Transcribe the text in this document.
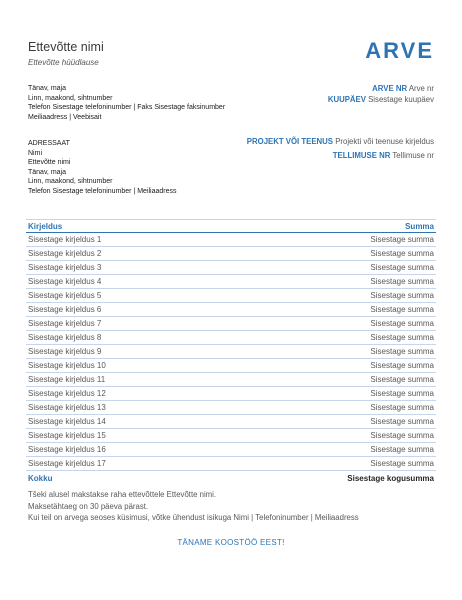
Ettevõtte nimi
Ettevõtte hüüdlause	ARVE
Tänav, maja
Linn, maakond, sihtnumber
Telefon Sisestage telefoninumber | Faks Sisestage faksinumber
Meiliaadress | Veebisait
ARVE NR Arve nr
KUUPÄEV Sisestage kuupäev
ADRESSAAT
Nimi
Ettevõtte nimi
Tänav, maja
Linn, maakond, sihtnumber
Telefon Sisestage telefoninumber | Meiliaadress
PROJEKT VÕI TEENUS Projekti või teenuse kirjeldus
TELLIMUSE NR Tellimuse nr
Kirjeldus	Summa
Sisestage kirjeldus 1	Sisestage summa
Sisestage kirjeldus 2	Sisestage summa
Sisestage kirjeldus 3	Sisestage summa
Sisestage kirjeldus 4	Sisestage summa
Sisestage kirjeldus 5	Sisestage summa
Sisestage kirjeldus 6	Sisestage summa
Sisestage kirjeldus 7	Sisestage summa
Sisestage kirjeldus 8	Sisestage summa
Sisestage kirjeldus 9	Sisestage summa
Sisestage kirjeldus 10	Sisestage summa
Sisestage kirjeldus 11	Sisestage summa
Sisestage kirjeldus 12	Sisestage summa
Sisestage kirjeldus 13	Sisestage summa
Sisestage kirjeldus 14	Sisestage summa
Sisestage kirjeldus 15	Sisestage summa
Sisestage kirjeldus 16	Sisestage summa
Sisestage kirjeldus 17	Sisestage summa
Kokku	Sisestage kogusumma
Tšeki alusel makstakse raha ettevõttele Ettevõtte nimi.
Maksetähtaeg on 30 päeva pärast.
Kui teil on arvega seoses küsimusi, võtke ühendust isikuga Nimi | Telefoninumber | Meiliaadress
TÄNAME KOOSTÖÖ EEST!
